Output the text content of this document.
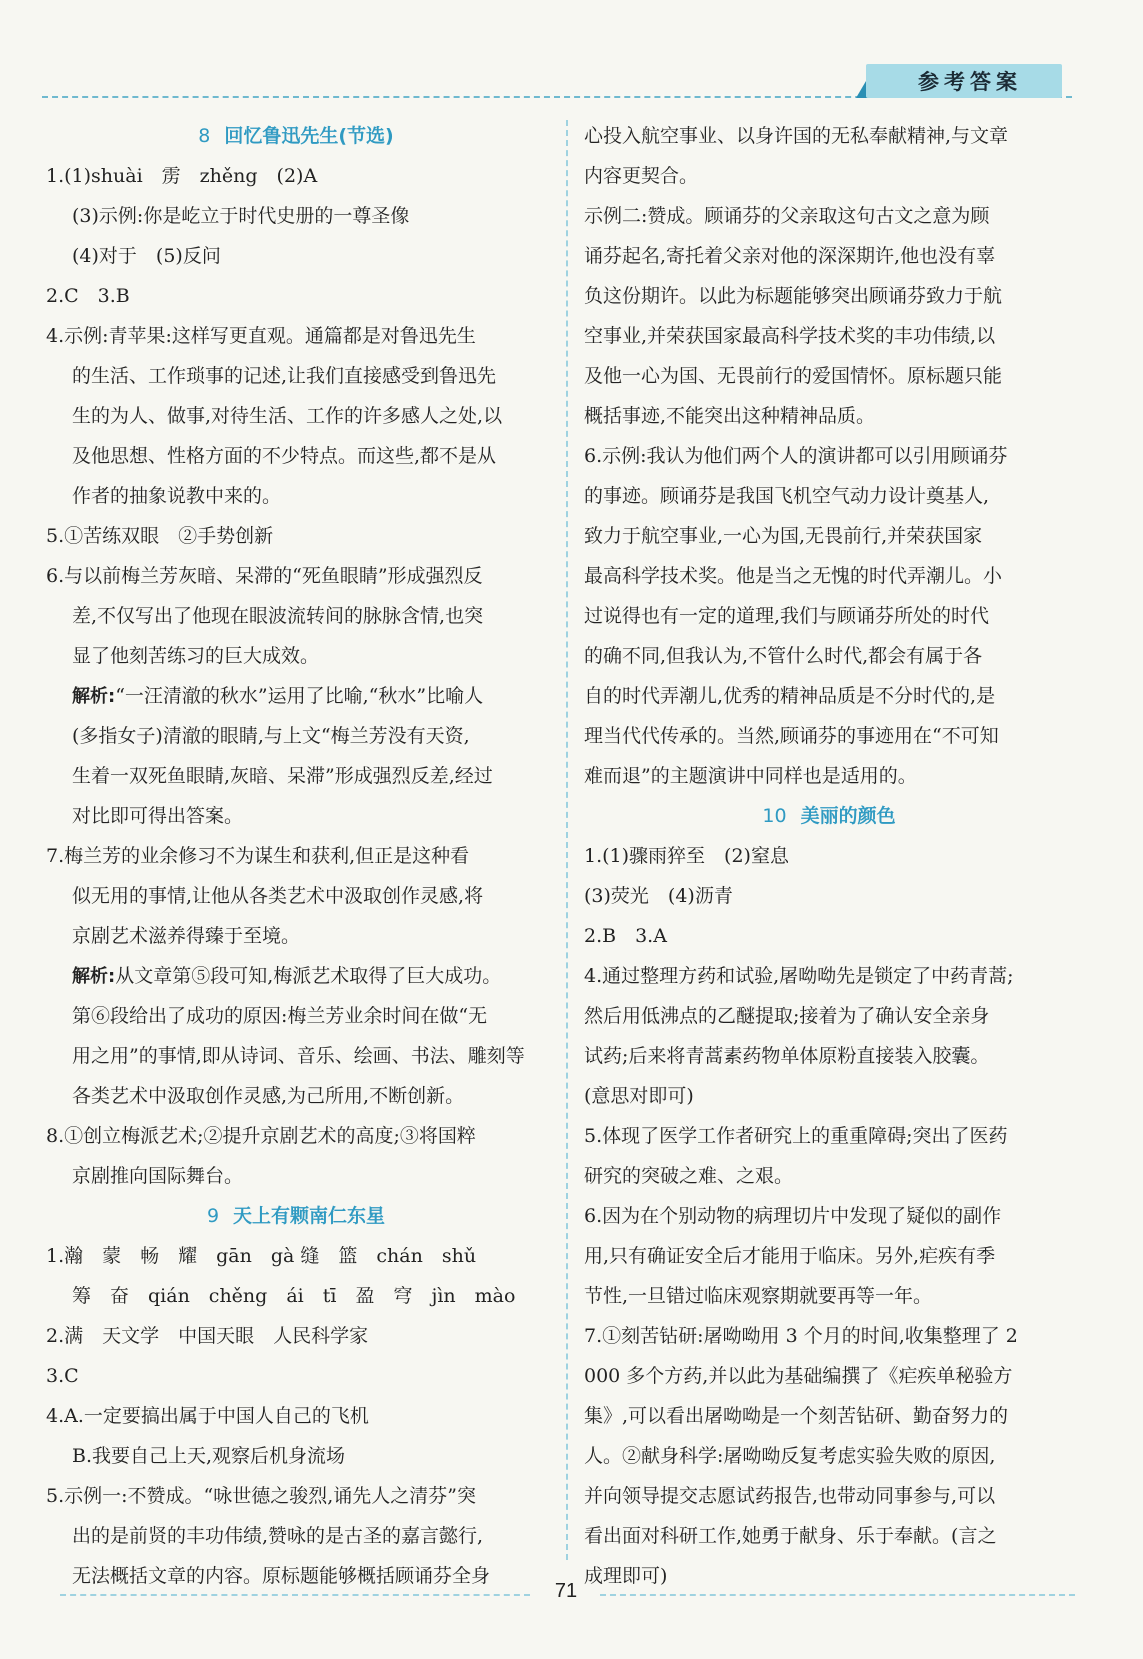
参考答案
8 回忆鲁迅先生(节选)
1.(1)shuài　雳　zhěng　(2)A
(3)示例:你是屹立于时代史册的一尊圣像
(4)对于　(5)反问
2.C　3.B
4.示例:青苹果:这样写更直观。通篇都是对鲁迅先生
的生活、工作琐事的记述,让我们直接感受到鲁迅先
生的为人、做事,对待生活、工作的许多感人之处,以
及他思想、性格方面的不少特点。而这些,都不是从
作者的抽象说教中来的。
5.①苦练双眼　②手势创新
6.与以前梅兰芳灰暗、呆滞的“死鱼眼睛”形成强烈反
差,不仅写出了他现在眼波流转间的脉脉含情,也突
显了他刻苦练习的巨大成效。
解析:“一汪清澈的秋水”运用了比喻,“秋水”比喻人
(多指女子)清澈的眼睛,与上文“梅兰芳没有天资,
生着一双死鱼眼睛,灰暗、呆滞”形成强烈反差,经过
对比即可得出答案。
7.梅兰芳的业余修习不为谋生和获利,但正是这种看
似无用的事情,让他从各类艺术中汲取创作灵感,将
京剧艺术滋养得臻于至境。
解析:从文章第⑤段可知,梅派艺术取得了巨大成功。
第⑥段给出了成功的原因:梅兰芳业余时间在做“无
用之用”的事情,即从诗词、音乐、绘画、书法、雕刻等
各类艺术中汲取创作灵感,为己所用,不断创新。
8.①创立梅派艺术;②提升京剧艺术的高度;③将国粹
京剧推向国际舞台。
9 天上有颗南仁东星
1.瀚　蒙　畅　耀　gān　gà 缝　篮　chán　shǔ
筹　奋　qián　chěng　ái　tī　盈　穹　jìn　mào
2.满　天文学　中国天眼　人民科学家
3.C
4.A.一定要搞出属于中国人自己的飞机
B.我要自己上天,观察后机身流场
5.示例一:不赞成。“咏世德之骏烈,诵先人之清芬”突
出的是前贤的丰功伟绩,赞咏的是古圣的嘉言懿行,
无法概括文章的内容。原标题能够概括顾诵芬全身
心投入航空事业、以身许国的无私奉献精神,与文章
内容更契合。
示例二:赞成。顾诵芬的父亲取这句古文之意为顾
诵芬起名,寄托着父亲对他的深深期许,他也没有辜
负这份期许。以此为标题能够突出顾诵芬致力于航
空事业,并荣获国家最高科学技术奖的丰功伟绩,以
及他一心为国、无畏前行的爱国情怀。原标题只能
概括事迹,不能突出这种精神品质。
6.示例:我认为他们两个人的演讲都可以引用顾诵芬
的事迹。顾诵芬是我国飞机空气动力设计奠基人,
致力于航空事业,一心为国,无畏前行,并荣获国家
最高科学技术奖。他是当之无愧的时代弄潮儿。小
过说得也有一定的道理,我们与顾诵芬所处的时代
的确不同,但我认为,不管什么时代,都会有属于各
自的时代弄潮儿,优秀的精神品质是不分时代的,是
理当代代传承的。当然,顾诵芬的事迹用在“不可知
难而退”的主题演讲中同样也是适用的。
10 美丽的颜色
1.(1)骤雨猝至　(2)窒息
(3)荧光　(4)沥青
2.B　3.A
4.通过整理方药和试验,屠呦呦先是锁定了中药青蒿;
然后用低沸点的乙醚提取;接着为了确认安全亲身
试药;后来将青蒿素药物单体原粉直接装入胶囊。
(意思对即可)
5.体现了医学工作者研究上的重重障碍;突出了医药
研究的突破之难、之艰。
6.因为在个别动物的病理切片中发现了疑似的副作
用,只有确证安全后才能用于临床。另外,疟疾有季
节性,一旦错过临床观察期就要再等一年。
7.①刻苦钻研:屠呦呦用 3 个月的时间,收集整理了 2
000 多个方药,并以此为基础编撰了《疟疾单秘验方
集》,可以看出屠呦呦是一个刻苦钻研、勤奋努力的
人。②献身科学:屠呦呦反复考虑实验失败的原因,
并向领导提交志愿试药报告,也带动同事参与,可以
看出面对科研工作,她勇于献身、乐于奉献。(言之
成理即可)
71
